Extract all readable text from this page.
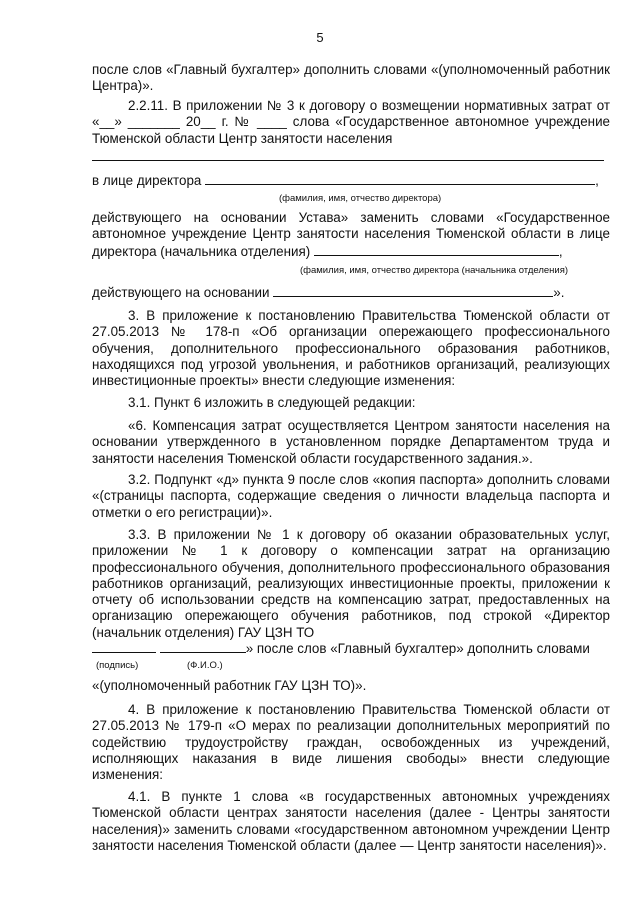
5
после слов «Главный бухгалтер» дополнить словами «(уполномоченный работник Центра)».
2.2.11. В приложении № 3 к договору о возмещении нормативных затрат от «__» _______ 20__ г. № ____ слова «Государственное автономное учреждение Тюменской области Центр занятости населения
в лице директора	,
(фамилия, имя, отчество директора)
действующего на основании Устава» заменить словами «Государственное автономное учреждение Центр занятости населения Тюменской области в лице директора (начальника отделения)	,
(фамилия, имя, отчество директора (начальника отделения)
действующего на основании	».
3. В приложение к постановлению Правительства Тюменской области от 27.05.2013 № 178-п «Об организации опережающего профессионального обучения, дополнительного профессионального образования работников, находящихся под угрозой увольнения, и работников организаций, реализующих инвестиционные проекты» внести следующие изменения:
3.1. Пункт 6 изложить в следующей редакции:
«6. Компенсация затрат осуществляется Центром занятости населения на основании утвержденного в установленном порядке Департаментом труда и занятости населения Тюменской области государственного задания.».
3.2. Подпункт «д» пункта 9 после слов «копия паспорта» дополнить словами «(страницы паспорта, содержащие сведения о личности владельца паспорта и отметки о его регистрации)».
3.3. В приложении № 1 к договору об оказании образовательных услуг, приложении № 1 к договору о компенсации затрат на организацию профессионального обучения, дополнительного профессионального образования работников организаций, реализующих инвестиционные проекты, приложении к отчету об использовании средств на компенсацию затрат, предоставленных на организацию опережающего обучения работников, под строкой «Директор (начальник отделения) ГАУ ЦЗН ТО
» после слов «Главный бухгалтер» дополнить словами
(подпись)	(Ф.И.О.)
«(уполномоченный работник ГАУ ЦЗН ТО)».
4. В приложение к постановлению Правительства Тюменской области от 27.05.2013 № 179-п «О мерах по реализации дополнительных мероприятий по содействию трудоустройству граждан, освобожденных из учреждений, исполняющих наказания в виде лишения свободы» внести следующие изменения:
4.1. В пункте 1 слова «в государственных автономных учреждениях Тюменской области центрах занятости населения (далее - Центры занятости населения)» заменить словами «государственном автономном учреждении Центр занятости населения Тюменской области (далее — Центр занятости населения)».
